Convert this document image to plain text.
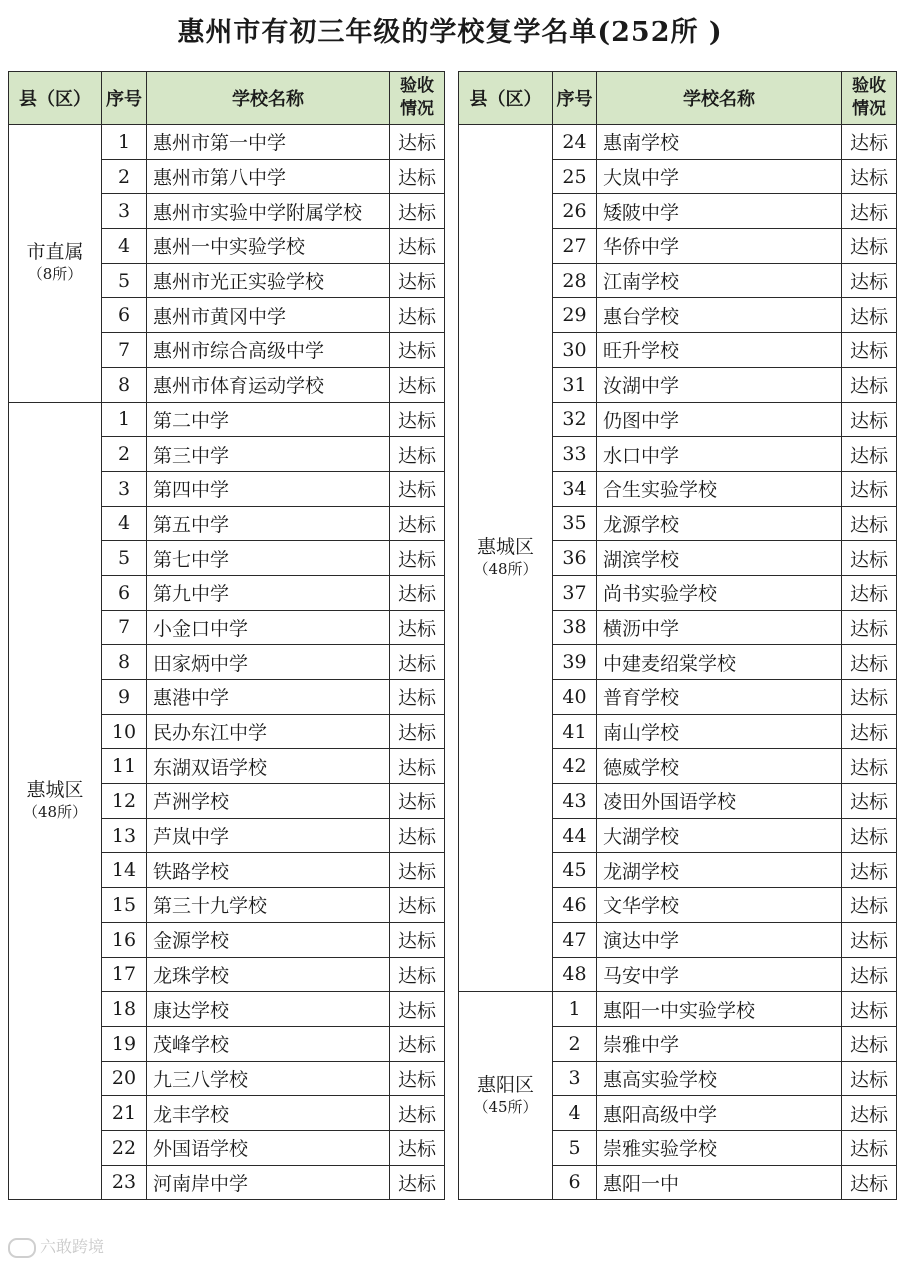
惠州市有初三年级的学校复学名单(252所 )
县（区）	序号	学校名称	验收
情况
市直属
（8所）	1	惠州市第一中学	达标
	2	惠州市第八中学	达标
	3	惠州市实验中学附属学校	达标
	4	惠州一中实验学校	达标
	5	惠州市光正实验学校	达标
	6	惠州市黄冈中学	达标
	7	惠州市综合高级中学	达标
	8	惠州市体育运动学校	达标
惠城区
（48所）	1	第二中学	达标
	2	第三中学	达标
	3	第四中学	达标
	4	第五中学	达标
	5	第七中学	达标
	6	第九中学	达标
	7	小金口中学	达标
	8	田家炳中学	达标
	9	惠港中学	达标
	10	民办东江中学	达标
	11	东湖双语学校	达标
	12	芦洲学校	达标
	13	芦岚中学	达标
	14	铁路学校	达标
	15	第三十九学校	达标
	16	金源学校	达标
	17	龙珠学校	达标
	18	康达学校	达标
	19	茂峰学校	达标
	20	九三八学校	达标
	21	龙丰学校	达标
	22	外国语学校	达标
	23	河南岸中学	达标
县（区）	序号	学校名称	验收
情况
惠城区
（48所）	24	惠南学校	达标
	25	大岚中学	达标
	26	矮陂中学	达标
	27	华侨中学	达标
	28	江南学校	达标
	29	惠台学校	达标
	30	旺升学校	达标
	31	汝湖中学	达标
	32	仍图中学	达标
	33	水口中学	达标
	34	合生实验学校	达标
	35	龙源学校	达标
	36	湖滨学校	达标
	37	尚书实验学校	达标
	38	横沥中学	达标
	39	中建麦绍棠学校	达标
	40	普育学校	达标
	41	南山学校	达标
	42	德威学校	达标
	43	凌田外国语学校	达标
	44	大湖学校	达标
	45	龙湖学校	达标
	46	文华学校	达标
	47	演达中学	达标
	48	马安中学	达标
惠阳区
（45所）	1	惠阳一中实验学校	达标
	2	崇雅中学	达标
	3	惠高实验学校	达标
	4	惠阳高级中学	达标
	5	崇雅实验学校	达标
	6	惠阳一中	达标
六敢跨境
